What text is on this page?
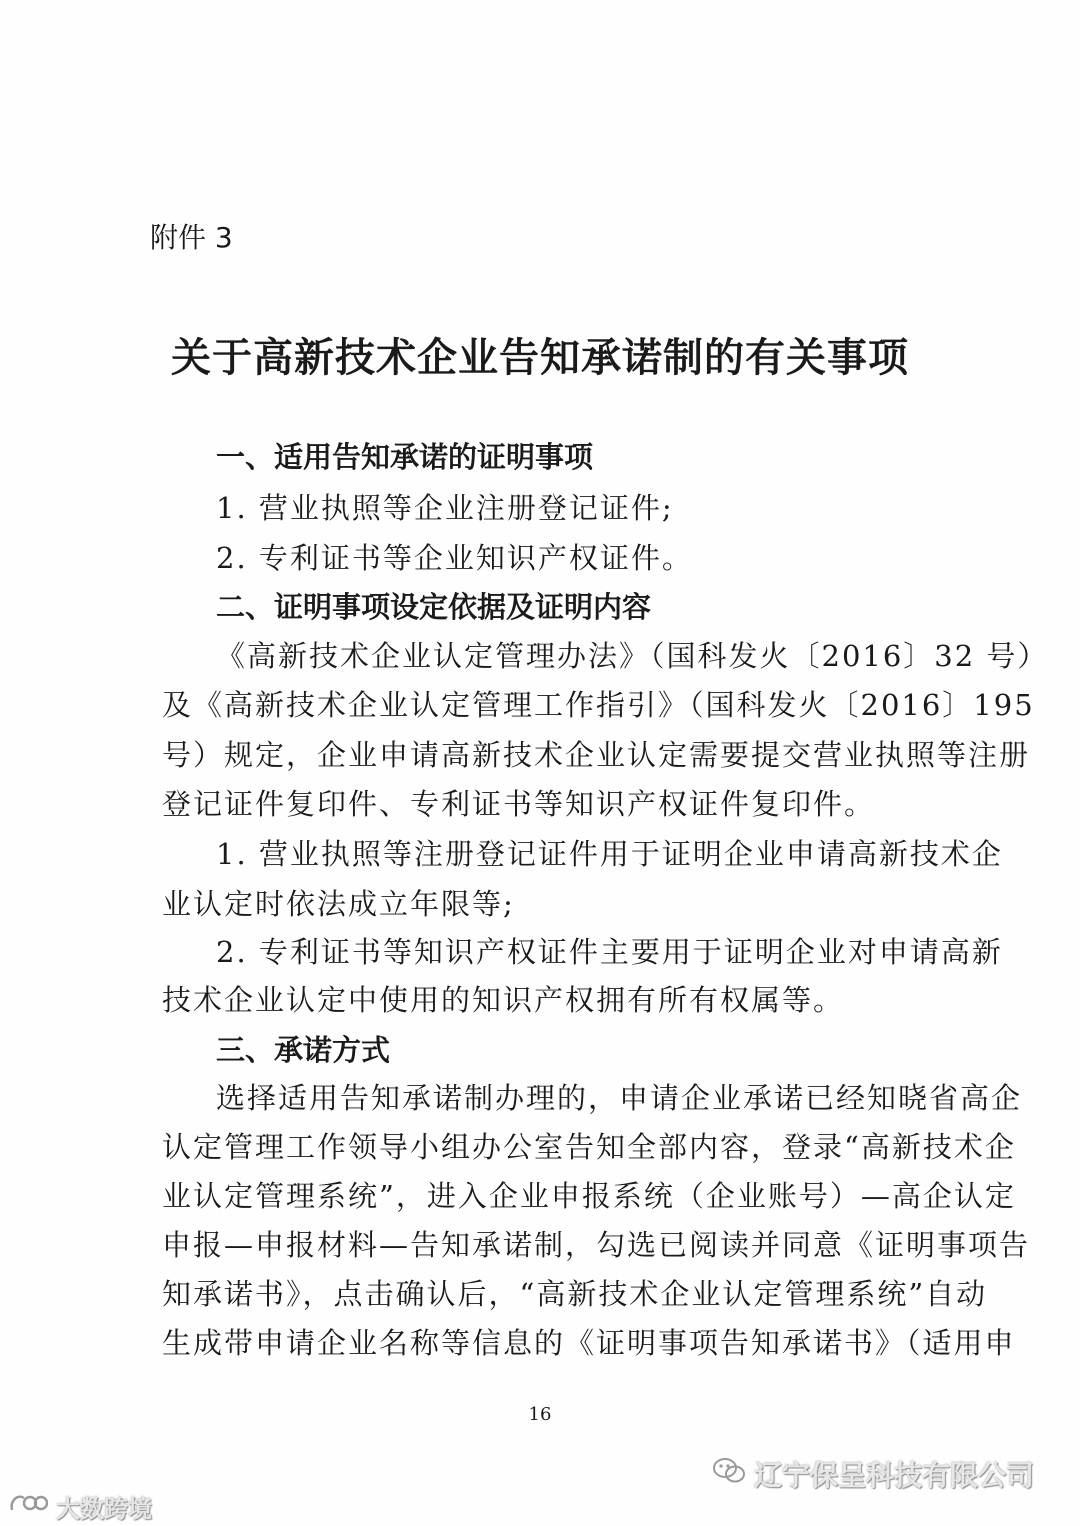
附件 3
关于高新技术企业告知承诺制的有关事项
一、适用告知承诺的证明事项
1. 营业执照等企业注册登记证件;
2. 专利证书等企业知识产权证件。
二、证明事项设定依据及证明内容
《高新技术企业认定管理办法》（国科发火〔2016〕32 号）
及《高新技术企业认定管理工作指引》（国科发火〔2016〕195
号）规定，企业申请高新技术企业认定需要提交营业执照等注册
登记证件复印件、专利证书等知识产权证件复印件。
1. 营业执照等注册登记证件用于证明企业申请高新技术企
业认定时依法成立年限等;
2. 专利证书等知识产权证件主要用于证明企业对申请高新
技术企业认定中使用的知识产权拥有所有权属等。
三、承诺方式
选择适用告知承诺制办理的，申请企业承诺已经知晓省高企
认定管理工作领导小组办公室告知全部内容，登录“高新技术企
业认定管理系统”，进入企业申报系统（企业账号）—高企认定
申报—申报材料—告知承诺制，勾选已阅读并同意《证明事项告
知承诺书》，点击确认后，“高新技术企业认定管理系统”自动
生成带申请企业名称等信息的《证明事项告知承诺书》（适用申
16
辽宁保呈科技有限公司
大数跨境
